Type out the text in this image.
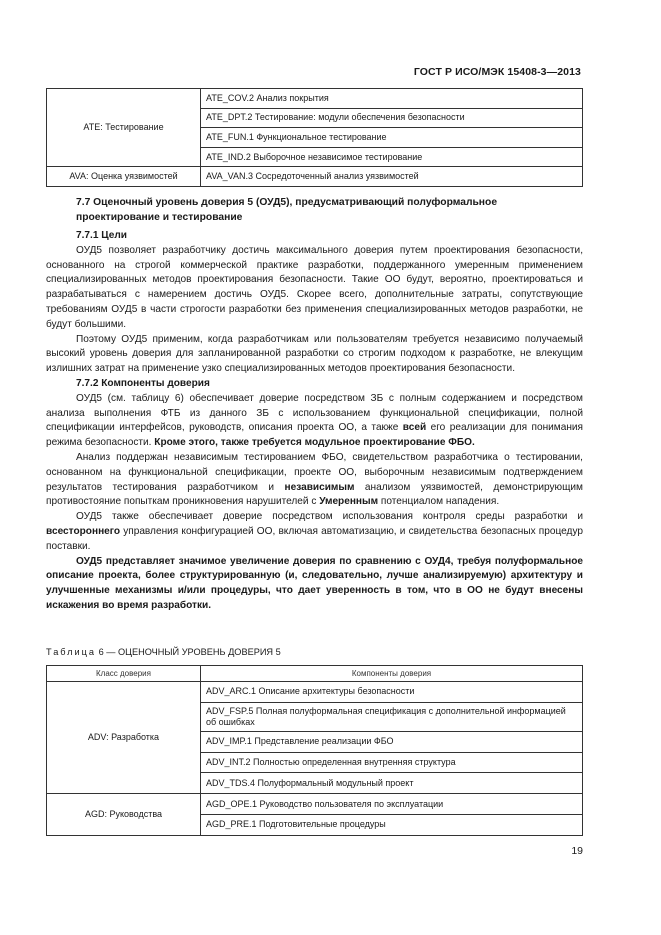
ГОСТ Р ИСО/МЭК 15408-3—2013
ATE: Тестирование	ATE_COV.2 Анализ покрытия
	ATE_DPT.2 Тестирование: модули обеспечения безопасности
	ATE_FUN.1 Функциональное тестирование
	ATE_IND.2 Выборочное независимое тестирование
AVA: Оценка уязвимостей	AVA_VAN.3 Сосредоточенный анализ уязвимостей
7.7 Оценочный уровень доверия 5 (ОУД5), предусматривающий полуформальное проектирование и тестирование
7.7.1 Цели

ОУД5 позволяет разработчику достичь максимального доверия путем проектирования безопасности, основанного на строгой коммерческой практике разработки, поддержанного умеренным применением специализированных методов проектирования безопасности. Такие ОО будут, вероятно, проектироваться и разрабатываться с намерением достичь ОУД5. Скорее всего, дополнительные затраты, сопутствующие требованиям ОУД5 в части строгости разработки без применения специализированных методов разработки, не будут большими.

Поэтому ОУД5 применим, когда разработчикам или пользователям требуется независимо получаемый высокий уровень доверия для запланированной разработки со строгим подходом к разработке, не влекущим излишних затрат на применение узко специализированных методов проектирования безопасности.

7.7.2 Компоненты доверия

ОУД5 (см. таблицу 6) обеспечивает доверие посредством ЗБ с полным содержанием и посредством анализа выполнения ФТБ из данного ЗБ с использованием функциональной спецификации, полной спецификации интерфейсов, руководств, описания проекта ОО, а также всей его реализации для понимания режима безопасности. Кроме этого, также требуется модульное проектирование ФБО.

Анализ поддержан независимым тестированием ФБО, свидетельством разработчика о тестировании, основанном на функциональной спецификации, проекте ОО, выборочным независимым подтверждением результатов тестирования разработчиком и независимым анализом уязвимостей, демонстрирующим противостояние попыткам проникновения нарушителей с Умеренным потенциалом нападения.

ОУД5 также обеспечивает доверие посредством использования контроля среды разработки и всестороннего управления конфигурацией ОО, включая автоматизацию, и свидетельства безопасных процедур поставки.

ОУД5 представляет значимое увеличение доверия по сравнению с ОУД4, требуя полуформальное описание проекта, более структурированную (и, следовательно, лучше анализируемую) архитектуру и улучшенные механизмы и/или процедуры, что дает уверенность в том, что в ОО не будут внесены искажения во время разработки.

Таблица 6 — ОЦЕНОЧНЫЙ УРОВЕНЬ ДОВЕРИЯ 5
Класс доверия	Компоненты доверия
ADV: Разработка	ADV_ARC.1 Описание архитектуры безопасности
	ADV_FSP.5 Полная полуформальная спецификация с дополнительной информацией об ошибках
	ADV_IMP.1 Представление реализации ФБО
	ADV_INT.2 Полностью определенная внутренняя структура
	ADV_TDS.4 Полуформальный модульный проект
AGD: Руководства	AGD_OPE.1 Руководство пользователя по эксплуатации
	AGD_PRE.1 Подготовительные процедуры
19
